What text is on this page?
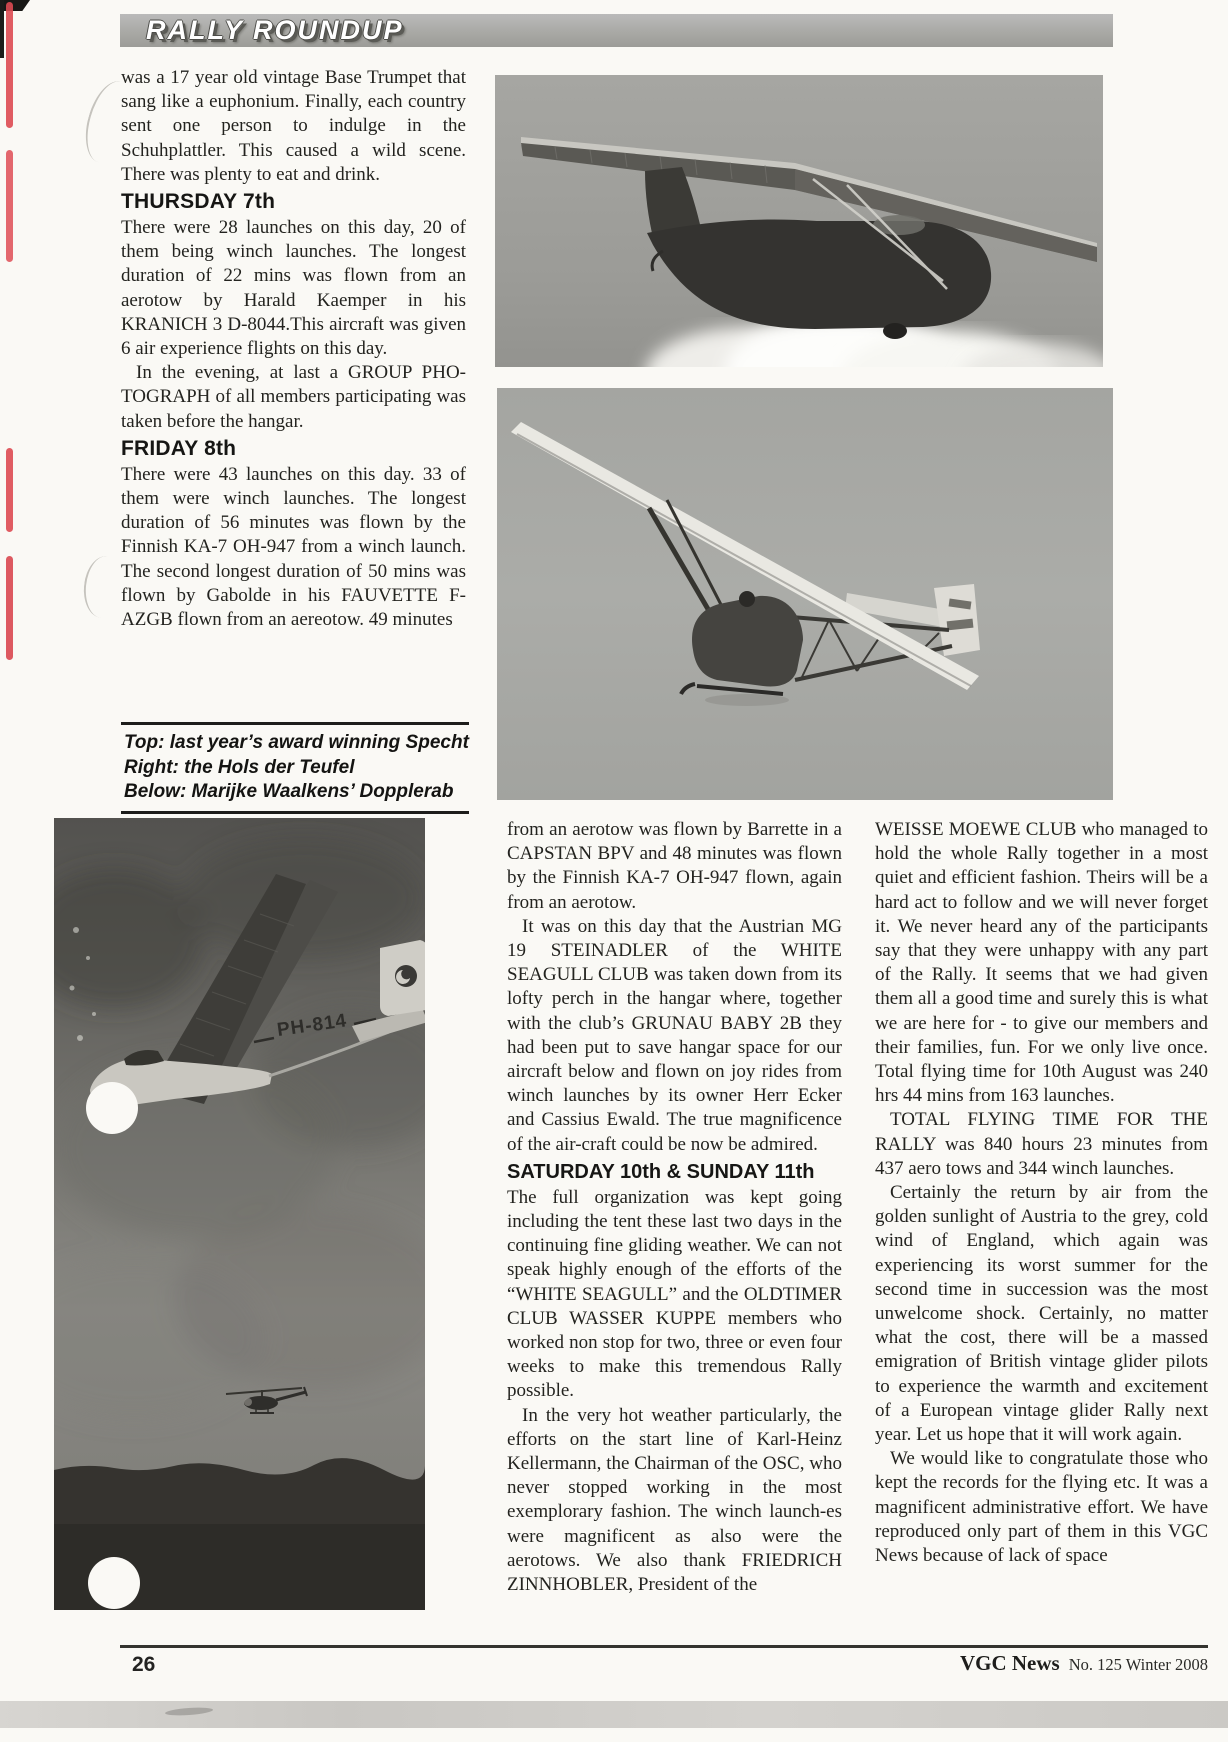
RALLY ROUNDUP

was a 17 year old vintage Base Trumpet that sang like a euphonium. Finally, each country sent one person to indulge in the Schuhplattler. This caused a wild scene. There was plenty to eat and drink.

THURSDAY 7th

There were 28 launches on this day, 20 of them being winch launches. The longest duration of 22 mins was flown from an aerotow by Harald Kaemper in his KRANICH 3 D-8044.This aircraft was given 6 air experience flights on this day.

In the evening, at last a GROUP PHO-TOGRAPH of all members participating was taken before the hangar.

FRIDAY 8th

There were 43 launches on this day. 33 of them were winch launches. The longest duration of 56 minutes was flown by the Finnish KA-7 OH-947 from a winch launch. The second longest duration of 50 mins was flown by Gabolde in his FAUVETTE F-AZGB flown from an aereotow. 49 minutes

Top: last year’s award winning Specht
Right: the Hols der Teufel
Below: Marijke Waalkens’ Dopplerab

from an aerotow was flown by Barrette in a CAPSTAN BPV and 48 minutes was flown by the Finnish KA-7 OH-947 flown, again from an aerotow.

It was on this day that the Austrian MG 19 STEINADLER of the WHITE SEAGULL CLUB was taken down from its lofty perch in the hangar where, together with the club’s GRUNAU BABY 2B they had been put to save hangar space for our aircraft below and flown on joy rides from winch launches by its owner Herr Ecker and Cassius Ewald. The true magnificence of the air-craft could be now be admired.

SATURDAY 10th & SUNDAY 11th

The full organization was kept going including the tent these last two days in the continuing fine gliding weather. We can not speak highly enough of the efforts of the “WHITE SEAGULL” and the OLDTIMER CLUB WASSER KUPPE members who worked non stop for two, three or even four weeks to make this tremendous Rally possible.

In the very hot weather particularly, the efforts on the start line of Karl-Heinz Kellermann, the Chairman of the OSC, who never stopped working in the most exemplorary fashion. The winch launch-es were magnificent as also were the aerotows. We also thank FRIEDRICH ZINNHOBLER, President of the

WEISSE MOEWE CLUB who managed to hold the whole Rally together in a most quiet and efficient fashion. Theirs will be a hard act to follow and we will never forget it. We never heard any of the participants say that they were unhappy with any part of the Rally. It seems that we had given them all a good time and surely this is what we are here for - to give our members and their families, fun. For we only live once. Total flying time for 10th August was 240 hrs 44 mins from 163 launches.

TOTAL FLYING TIME FOR THE RALLY was 840 hours 23 minutes from 437 aero tows and 344 winch launches.

Certainly the return by air from the golden sunlight of Austria to the grey, cold wind of England, which again was experiencing its worst summer for the second time in succession was the most unwelcome shock. Certainly, no matter what the cost, there will be a massed emigration of British vintage glider pilots to experience the warmth and excitement of a European vintage glider Rally next year. Let us hope that it will work again.

We would like to congratulate those who kept the records for the flying etc. It was a magnificent administrative effort. We have reproduced only part of them in this VGC News because of lack of space

PH-814
26	VGC News No. 125 Winter 2008
